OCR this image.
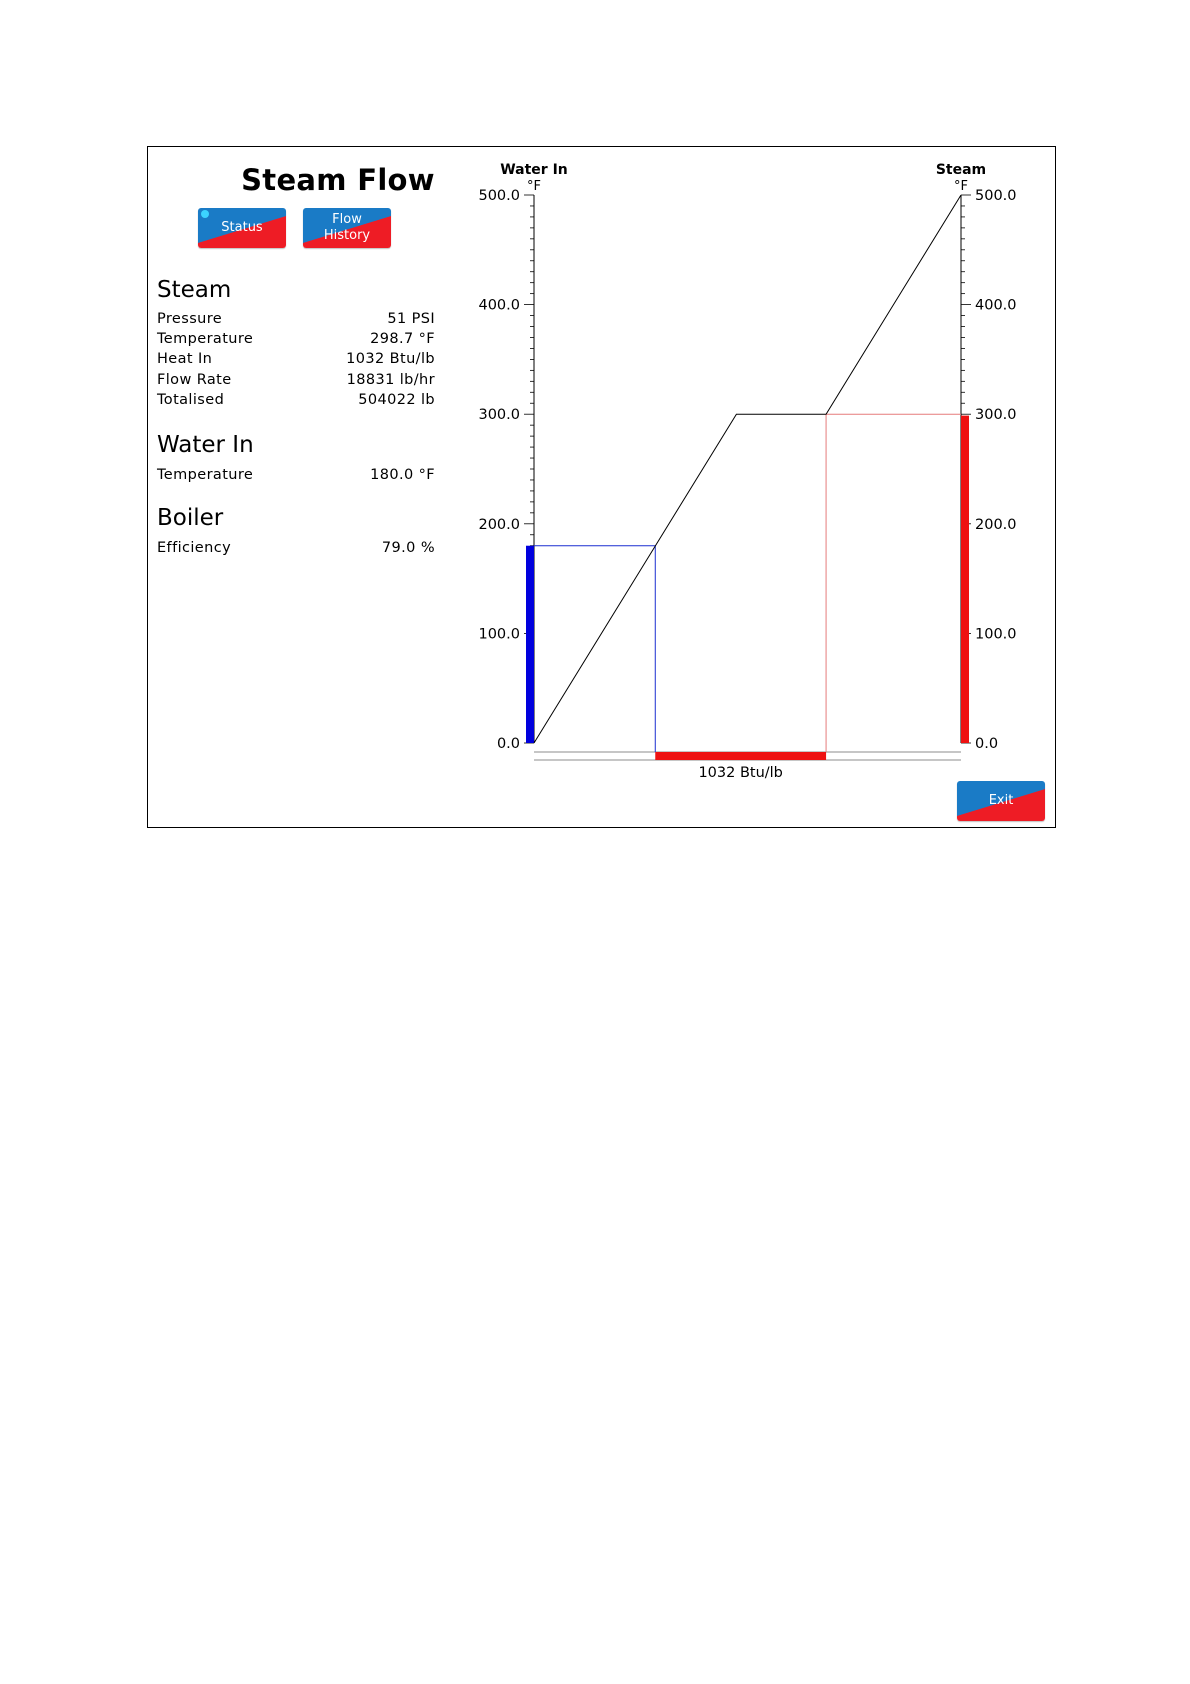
Steam Flow
Status
Flow
History
Steam
Pressure	51 PSI
Temperature	298.7 °F
Heat In	1032 Btu/lb
Flow Rate	18831 lb/hr
Totalised	504022 lb
Water In
Temperature	180.0 °F
Boiler
Efficiency	79.0 %
Water In
°F
Steam
°F
0.0	0.0
100.0	100.0
200.0	200.0
300.0	300.0
400.0	400.0
500.0	500.0
1032 Btu/lb
Exit
